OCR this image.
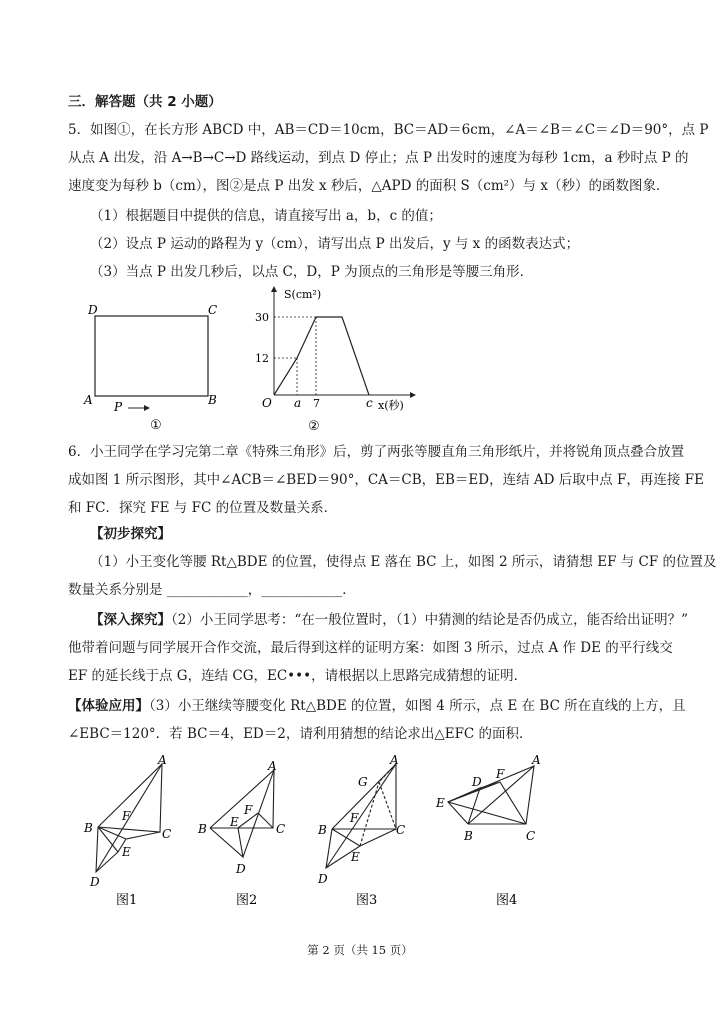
三．解答题（共 2 小题）
5．如图①，在长方形 ABCD 中，AB＝CD＝10cm，BC＝AD＝6cm，∠A＝∠B＝∠C＝∠D＝90°，点 P
从点 A 出发，沿 A→B→C→D 路线运动，到点 D 停止；点 P 出发时的速度为每秒 1cm，a 秒时点 P 的
速度变为每秒 b（cm），图②是点 P 出发 x 秒后，△APD 的面积 S（cm²）与 x（秒）的函数图象．
（1）根据题目中提供的信息，请直接写出 a，b，c 的值；
（2）设点 P 运动的路程为 y（cm），请写出点 P 出发后，y 与 x 的函数表达式；
（3）当点 P 出发几秒后，以点 C，D，P 为顶点的三角形是等腰三角形．
D	C
A	B
P
①
S(cm²)
30
12
O a 7	c x(秒)
②
6．小王同学在学习完第二章《特殊三角形》后，剪了两张等腰直角三角形纸片，并将锐角顶点叠合放置
成如图 1 所示图形，其中∠ACB＝∠BED＝90°，CA＝CB，EB＝ED，连结 AD 后取中点 F，再连接 FE
和 FC．探究 FE 与 FC 的位置及数量关系．
【初步探究】
（1）小王变化等腰 Rt△BDE 的位置，使得点 E 落在 BC 上，如图 2 所示，请猜想 EF 与 CF 的位置及
数量关系分别是 ____________，____________．
【深入探究】（2）小王同学思考：“在一般位置时，（1）中猜测的结论是否仍成立，能否给出证明？”
他带着问题与同学展开合作交流，最后得到这样的证明方案：如图 3 所示，过点 A 作 DE 的平行线交
EF 的延长线于点 G，连结 CG，EC•••，请根据以上思路完成猜想的证明．
【体验应用】（3）小王继续等腰变化 Rt△BDE 的位置，如图 4 所示，点 E 在 BC 所在直线的上方，且
∠EBC＝120°．若 BC＝4，ED＝2，请利用猜想的结论求出△EFC 的面积．
A
B	C
D
E
F
图1
A
B	C
D
E
F
图2
A
B	C
D
E
F
G
图3
A
B	C
D
E
F
图4
第 2 页（共 15 页）
